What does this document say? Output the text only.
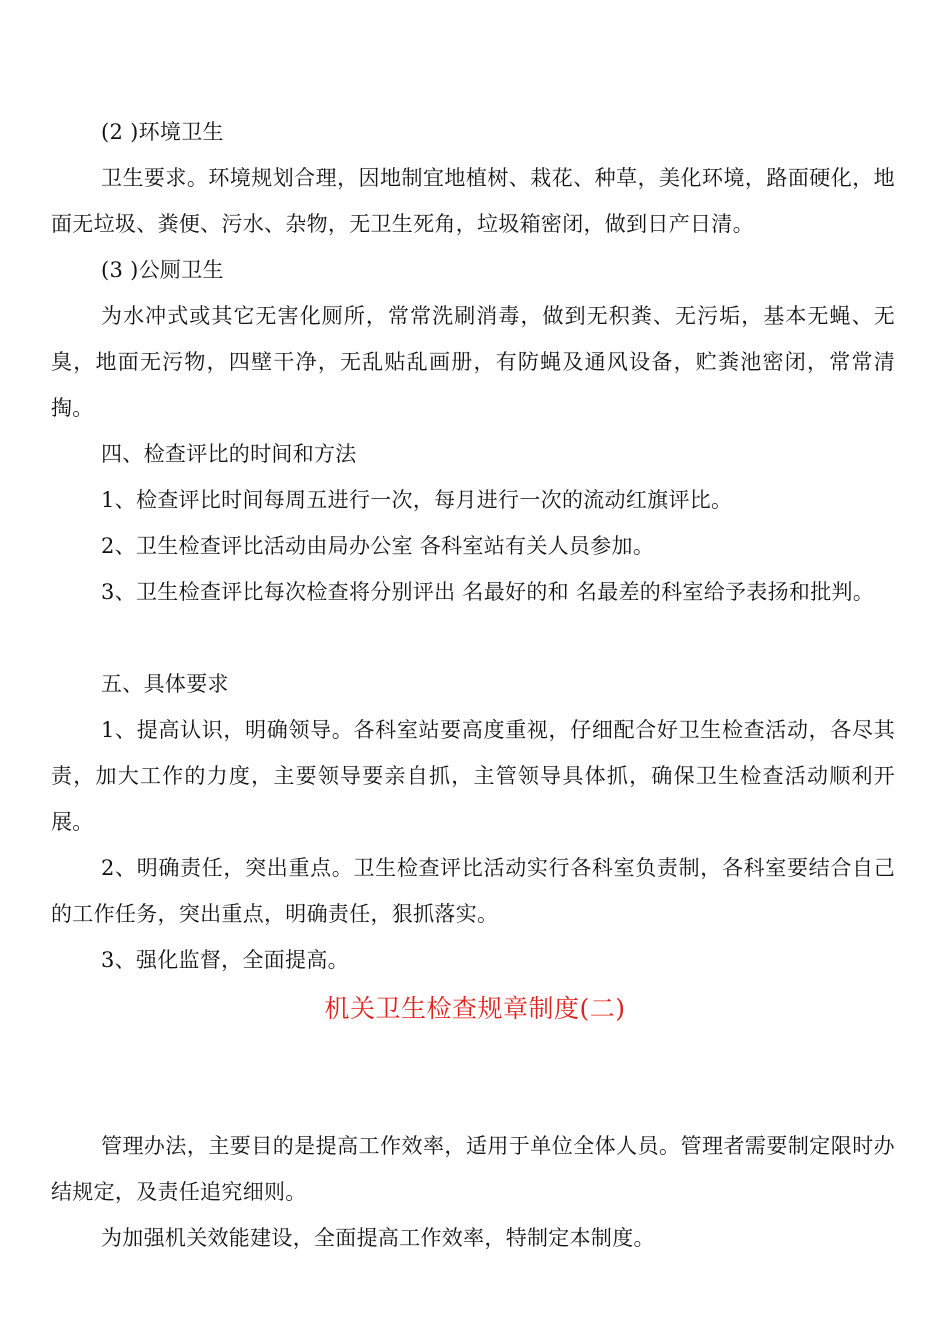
(2 )环境卫生

卫生要求。环境规划合理，因地制宜地植树、栽花、种草，美化环境，路面硬化，地面无垃圾、粪便、污水、杂物，无卫生死角，垃圾箱密闭，做到日产日清。

(3 )公厕卫生

为水冲式或其它无害化厕所，常常洗刷消毒，做到无积粪、无污垢，基本无蝇、无臭，地面无污物，四壁干净，无乱贴乱画册，有防蝇及通风设备，贮粪池密闭，常常清掏。

四、检查评比的时间和方法

1、检查评比时间每周五进行一次，每月进行一次的流动红旗评比。

2、卫生检查评比活动由局办公室 各科室站有关人员参加。

3、卫生检查评比每次检查将分别评出 名最好的和 名最差的科室给予表扬和批判。

五、具体要求

1、提高认识，明确领导。各科室站要高度重视，仔细配合好卫生检查活动，各尽其责，加大工作的力度，主要领导要亲自抓，主管领导具体抓，确保卫生检查活动顺利开展。

2、明确责任，突出重点。卫生检查评比活动实行各科室负责制，各科室要结合自己的工作任务，突出重点，明确责任，狠抓落实。

3、强化监督，全面提高。

机关卫生检查规章制度(二)

管理办法，主要目的是提高工作效率，适用于单位全体人员。管理者需要制定限时办结规定，及责任追究细则。

为加强机关效能建设，全面提高工作效率，特制定本制度。
